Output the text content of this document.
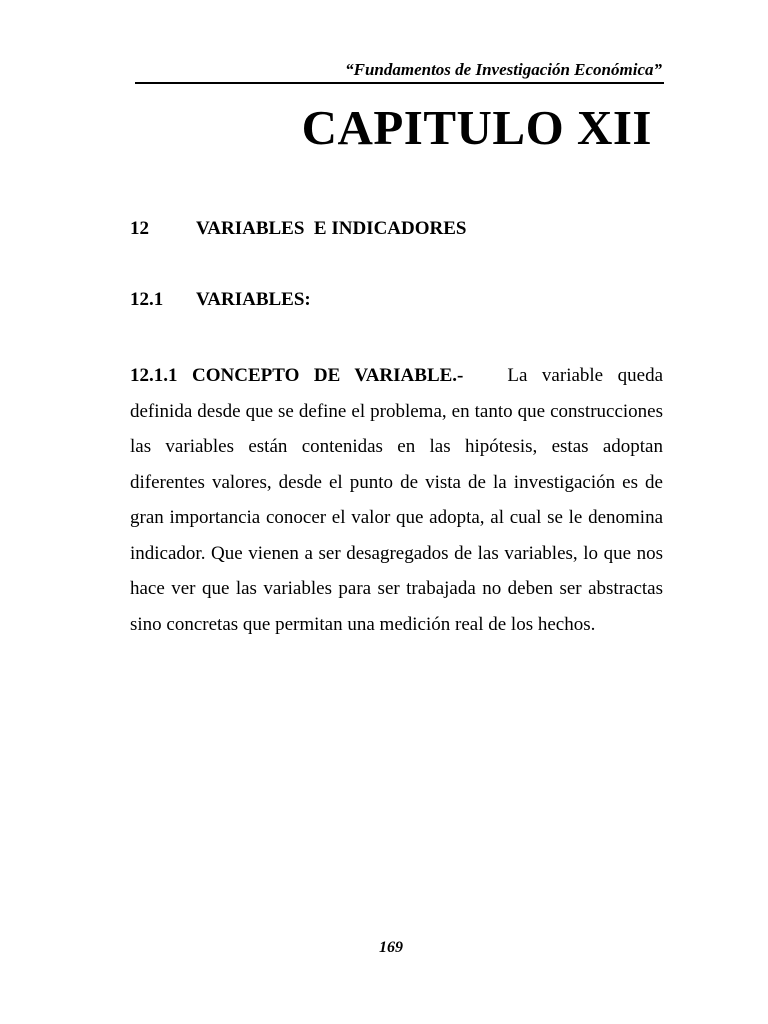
“Fundamentos de Investigación Económica”
CAPITULO XII
12 VARIABLES  E INDICADORES
12.1 VARIABLES:
12.1.1 CONCEPTO DE VARIABLE.- La variable queda definida desde que se define el problema, en tanto que construcciones las variables están contenidas en las hipótesis, estas adoptan diferentes valores, desde el punto de vista de la investigación es de gran importancia conocer el valor que adopta, al cual se le denomina indicador. Que vienen a ser desagregados de las variables, lo que nos hace ver que las variables para ser trabajada no deben ser abstractas sino concretas que permitan una medición real de los hechos.
169
